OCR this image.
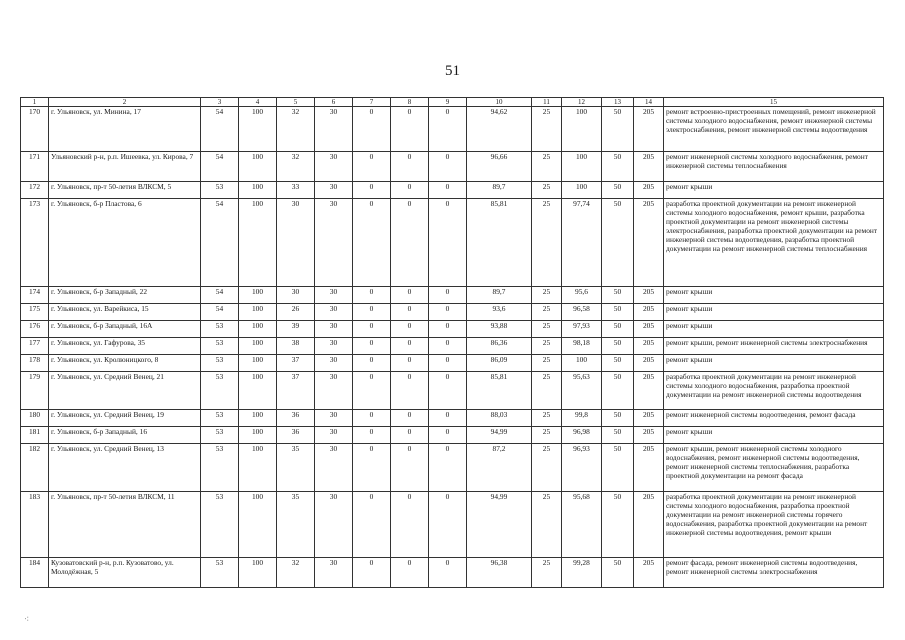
51
1	2	3	4	5	6	7	8	9	10	11	12	13	14	15
170	г. Ульяновск, ул. Минина, 17	54	100	32	30	0	0	0	94,62	25	100	50	205	ремонт встроенно-пристроенных помещений, ремонт инженерной системы холодного водоснабжения, ремонт инженерной системы электроснабжения, ремонт инженерной системы водоотведения
171	Ульяновский р-н, р.п. Ишеевка, ул. Кирова, 7	54	100	32	30	0	0	0	96,66	25	100	50	205	ремонт инженерной системы холодного водоснабжения, ремонт инженерной системы теплоснабжения
172	г. Ульяновск, пр-т 50-летия ВЛКСМ, 5	53	100	33	30	0	0	0	89,7	25	100	50	205	ремонт крыши
173	г. Ульяновск, б-р Пластова, 6	54	100	30	30	0	0	0	85,81	25	97,74	50	205	разработка проектной документации на ремонт инженерной системы холодного водоснабжения, ремонт крыши, разработка проектной документации на ремонт инженерной системы электроснабжения, разработка проектной документации на ремонт инженерной системы водоотведения, разработка проектной документации на ремонт инженерной системы теплоснабжения
174	г. Ульяновск, б-р Западный, 22	54	100	30	30	0	0	0	89,7	25	95,6	50	205	ремонт крыши
175	г. Ульяновск, ул. Варейкиса, 15	54	100	26	30	0	0	0	93,6	25	96,58	50	205	ремонт крыши
176	г. Ульяновск, б-р Западный, 16А	53	100	39	30	0	0	0	93,88	25	97,93	50	205	ремонт крыши
177	г. Ульяновск, ул. Гафурова, 35	53	100	38	30	0	0	0	86,36	25	98,18	50	205	ремонт крыши, ремонт инженерной системы электроснабжения
178	г. Ульяновск, ул. Кролюницкого, 8	53	100	37	30	0	0	0	86,09	25	100	50	205	ремонт крыши
179	г. Ульяновск, ул. Средний Венец, 21	53	100	37	30	0	0	0	85,81	25	95,63	50	205	разработка проектной документации на ремонт инженерной системы холодного водоснабжения, разработка проектной документации на ремонт инженерной системы водоотведения
180	г. Ульяновск, ул. Средний Венец, 19	53	100	36	30	0	0	0	88,03	25	99,8	50	205	ремонт инженерной системы водоотведения, ремонт фасада
181	г. Ульяновск, б-р Западный, 16	53	100	36	30	0	0	0	94,99	25	96,98	50	205	ремонт крыши
182	г. Ульяновск, ул. Средний Венец, 13	53	100	35	30	0	0	0	87,2	25	96,93	50	205	ремонт крыши, ремонт инженерной системы холодного водоснабжения, ремонт инженерной системы водоотведения, ремонт инженерной системы теплоснабжения, разработка проектной документации на ремонт фасада
183	г. Ульяновск, пр-т 50-летия ВЛКСМ, 11	53	100	35	30	0	0	0	94,99	25	95,68	50	205	разработка проектной документации на ремонт инженерной системы холодного водоснабжения, разработка проектной документации на ремонт инженерной системы горячего водоснабжения, разработка проектной документации на ремонт инженерной системы водоотведения, ремонт крыши
184	Кузоватовский р-н, р.п. Кузоватово, ул. Молодёжная, 5	53	100	32	30	0	0	0	96,38	25	99,28	50	205	ремонт фасада, ремонт инженерной системы водоотведения, ремонт инженерной системы электроснабжения
⁖
